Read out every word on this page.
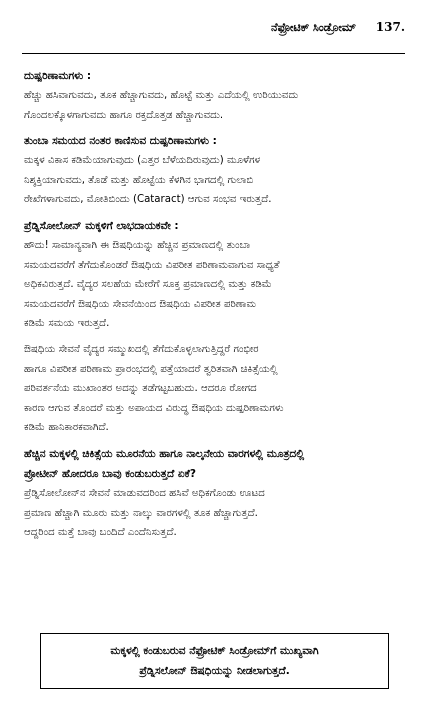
ನೆಫ್ರೋಟಿಕ್ ಸಿಂಡ್ರೋಮ್ 137.
ದುಷ್ಪರಿಣಾಮಗಳು :
ಹೆಚ್ಚು ಹಸಿವಾಗುವದು, ತೂಕ ಹೆಚ್ಚಾಗುವದು, ಹೊಟ್ಟೆ ಮತ್ತು ಎದೆಯಲ್ಲಿ ಉರಿಯುವದು
ಗೊಂದಲಕ್ಕೊಳಗಾಗುವದು ಹಾಗೂ ರಕ್ತದೊತ್ತಡ ಹೆಚ್ಚಾಗುವದು.
ತುಂಬಾ ಸಮಯದ ನಂತರ ಕಾಣಿಸುವ ದುಷ್ಪರಿಣಾಮಗಳು :
ಮಕ್ಕಳ ವಿಕಾಸ ಕಡಿಮೆಯಾಗುವುದು (ಎತ್ತರ ಬೆಳೆಯದಿರುವುದು) ಮೂಳೆಗಳ
ನಿಶ್ಶಕ್ತಿಯಾಗುವದು, ತೊಡೆ ಮತ್ತು ಹೊಟ್ಟೆಯ ಕೆಳಗಿನ ಭಾಗದಲ್ಲಿ ಗುಲಾಬಿ
ರೇಖೆಗಳಾಗುವದು, ಮೋತಿಬಿಂದು (Cataract) ಆಗುವ ಸಂಭವ ಇರುತ್ತದೆ.
ಪ್ರೆಡ್ನಿಸೋಲೋನ್ ಮಕ್ಕಳಿಗೆ ಲಾಭದಾಯಕವೇ :
ಹೌದು! ಸಾಮಾನ್ಯವಾಗಿ ಈ ಔಷಧಿಯನ್ನು ಹೆಚ್ಚಿನ ಪ್ರಮಾಣದಲ್ಲಿ ತುಂಬಾ
ಸಮಯದವರೆಗೆ ತೆಗೆದುಕೊಂಡರೆ ಔಷಧಿಯ ವಿಪರೀತ ಪರಿಣಾಮವಾಗುವ ಸಾಧ್ಯತೆ
ಅಧಿಕವಿರುತ್ತದೆ. ವೈದ್ಯರ ಸಲಹೆಯ ಮೇರೆಗೆ ಸೂಕ್ತ ಪ್ರಮಾಣದಲ್ಲಿ ಮತ್ತು ಕಡಿಮೆ
ಸಮಯದವರೆಗೆ ಔಷಧಿಯ ಸೇವನೆಯಿಂದ ಔಷಧಿಯ ವಿಪರೀತ ಪರಿಣಾಮ
ಕಡಿಮೆ ಸಮಯ ಇರುತ್ತದೆ.
ಔಷಧಿಯ ಸೇವನೆ ವೈದ್ಯರ ಸಮ್ಮುಖದಲ್ಲಿ ತೆಗೆದುಕೊಳ್ಳಲಾಗುತ್ತಿದ್ದರೆ ಗಂಭೀರ
ಹಾಗೂ ವಿಪರೀತ ಪರಿಣಾಮ ಪ್ರಾರಂಭದಲ್ಲಿ ಪತ್ತೆಯಾದರೆ ತ್ವರಿತವಾಗಿ ಚಿಕಿತ್ಸೆಯಲ್ಲಿ
ಪರಿವರ್ತನೆಯ ಮುಖಾಂತರ ಅದನ್ನು ತಡೆಗಟ್ಟಬಹುದು. ಆದರೂ ರೋಗದ
ಕಾರಣ ಆಗುವ ತೊಂದರೆ ಮತ್ತು ಅಪಾಯದ ವಿರುದ್ಧ ಔಷಧಿಯ ದುಷ್ಪರಿಣಾಮಗಳು
ಕಡಿಮೆ ಹಾನಿಕಾರಕವಾಗಿದೆ.
ಹೆಚ್ಚಿನ ಮಕ್ಕಳಲ್ಲಿ ಚಿಕಿತ್ಸೆಯ ಮೂರನೆಯ ಹಾಗೂ ನಾಲ್ಕನೇಯ ವಾರಗಳಲ್ಲಿ ಮೂತ್ರದಲ್ಲಿ
ಪ್ರೋಟೀನ್ ಹೋದರೂ ಬಾವು ಕಂಡುಬರುತ್ತದೆ ಏಕೆ?
ಪ್ರೆಡ್ನಿಸೋಲೋನ್‌ನ ಸೇವನೆ ಮಾಡುವದರಿಂದ ಹಸಿವೆ ಅಧಿಕಗೊಂಡು ಊಟದ
ಪ್ರಮಾಣ ಹೆಚ್ಚಾಗಿ ಮೂರು ಮತ್ತು ನಾಲ್ಕು ವಾರಗಳಲ್ಲಿ ತೂಕ ಹೆಚ್ಚಾಗುತ್ತದೆ.
ಆದ್ದರಿಂದ ಮತ್ತೆ ಬಾವು ಬಂದಿದೆ ಎಂದೆನಿಸುತ್ತದೆ.
ಮಕ್ಕಳಲ್ಲಿ ಕಂಡುಬರುವ ನೆಫ್ರೋಟಿಕ್ ಸಿಂಡ್ರೋಮ್‌ಗೆ ಮುಖ್ಯವಾಗಿ
ಪ್ರೆಡ್ನಿಸಲೋನ್ ಔಷಧಿಯನ್ನು ನೀಡಲಾಗುತ್ತದೆ.
